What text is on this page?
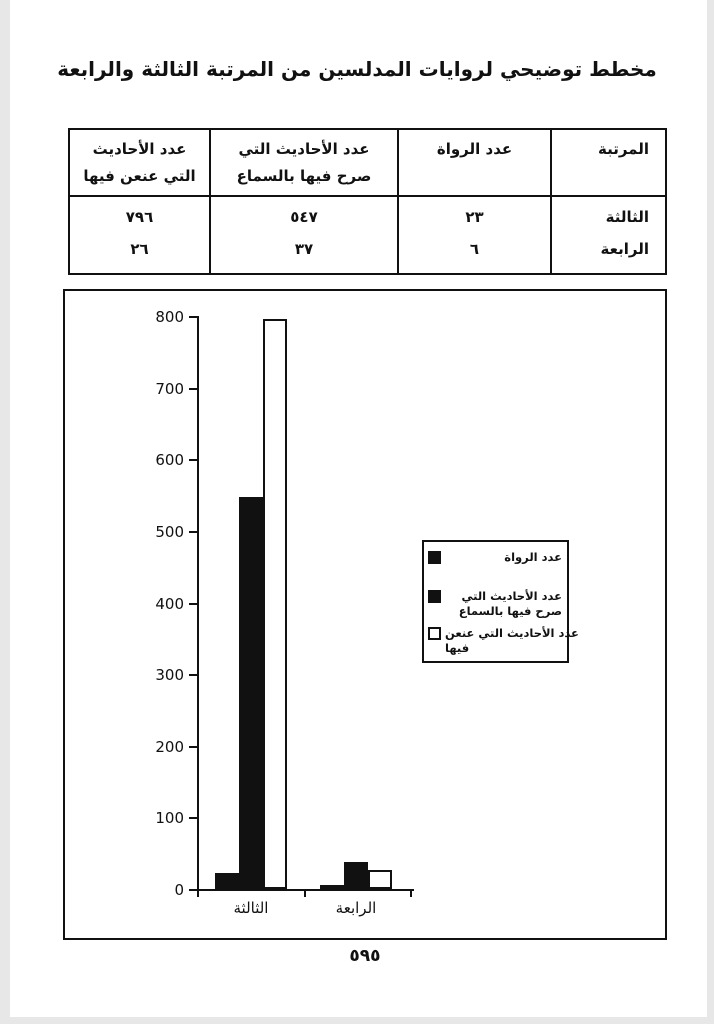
مخطط توضيحي لروايات المدلسين من المرتبة الثالثة والرابعة
المرتبة
عدد الرواة
عدد الأحاديث التي
صرح فيها بالسماع
عدد الأحاديث
التي عنعن فيها
الثالثة
الرابعة
٢٣
٦
٥٤٧
٣٧
٧٩٦
٢٦
800
700
600
500
400
300
200
100
0
الثالثة	الرابعة
عدد الرواة
عدد الأحاديث التي
صرح فيها بالسماع
عدد الأحاديث التي عنعن
فيها
٥٩٥
